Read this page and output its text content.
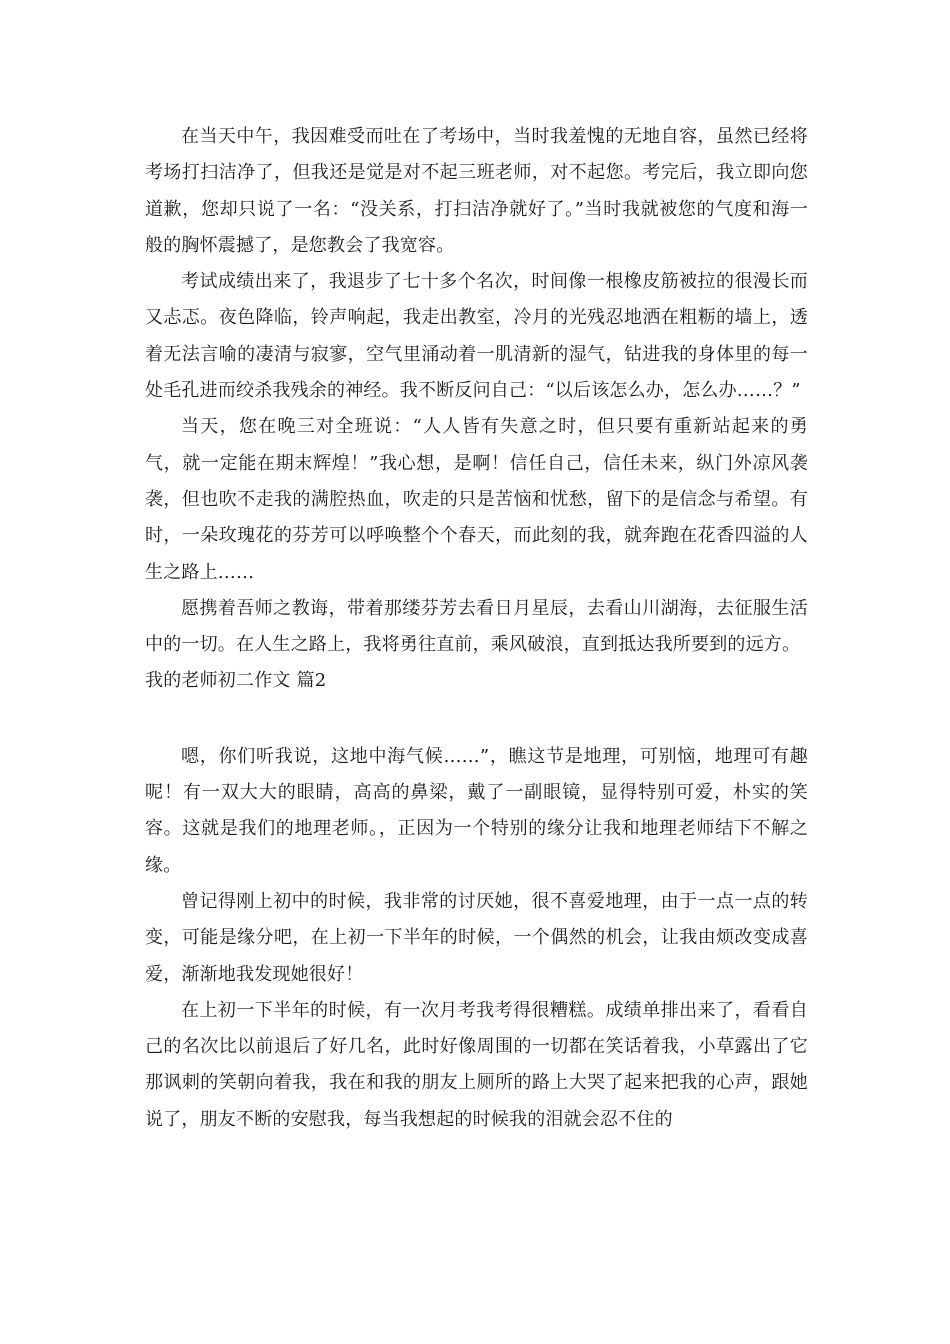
在当天中午，我因难受而吐在了考场中，当时我羞愧的无地自容，虽然已经将考场打扫洁净了，但我还是觉是对不起三班老师，对不起您。考完后，我立即向您道歉，您却只说了一名：“没关系，打扫洁净就好了。”当时我就被您的气度和海一般的胸怀震撼了，是您教会了我宽容。

考试成绩出来了，我退步了七十多个名次，时间像一根橡皮筋被拉的很漫长而又忐忑。夜色降临，铃声响起，我走出教室，冷月的光残忍地洒在粗粝的墙上，透着无法言喻的凄清与寂寥，空气里涌动着一肌清新的湿气，钻进我的身体里的每一处毛孔进而绞杀我残余的神经。我不断反问自己：“以后该怎么办，怎么办……？”

当天，您在晚三对全班说：“人人皆有失意之时，但只要有重新站起来的勇气，就一定能在期末辉煌！”我心想，是啊！信任自己，信任未来，纵门外凉风袭袭，但也吹不走我的满腔热血，吹走的只是苦恼和忧愁，留下的是信念与希望。有时，一朵玫瑰花的芬芳可以呼唤整个个春天，而此刻的我，就奔跑在花香四溢的人生之路上……

愿携着吾师之教诲，带着那缕芬芳去看日月星辰，去看山川湖海，去征服生活中的一切。在人生之路上，我将勇往直前，乘风破浪，直到抵达我所要到的远方。

我的老师初二作文 篇2

嗯，你们听我说，这地中海气候……”，瞧这节是地理，可别恼，地理可有趣呢！有一双大大的眼睛，高高的鼻梁，戴了一副眼镜，显得特别可爱，朴实的笑容。这就是我们的地理老师。，正因为一个特别的缘分让我和地理老师结下不解之缘。

曾记得刚上初中的时候，我非常的讨厌她，很不喜爱地理，由于一点一点的转变，可能是缘分吧，在上初一下半年的时候，一个偶然的机会，让我由烦改变成喜爱，渐渐地我发现她很好！

在上初一下半年的时候，有一次月考我考得很糟糕。成绩单排出来了，看看自己的名次比以前退后了好几名，此时好像周围的一切都在笑话着我，小草露出了它那讽刺的笑朝向着我，我在和我的朋友上厕所的路上大哭了起来把我的心声，跟她说了，朋友不断的安慰我，每当我想起的时候我的泪就会忍不住的
